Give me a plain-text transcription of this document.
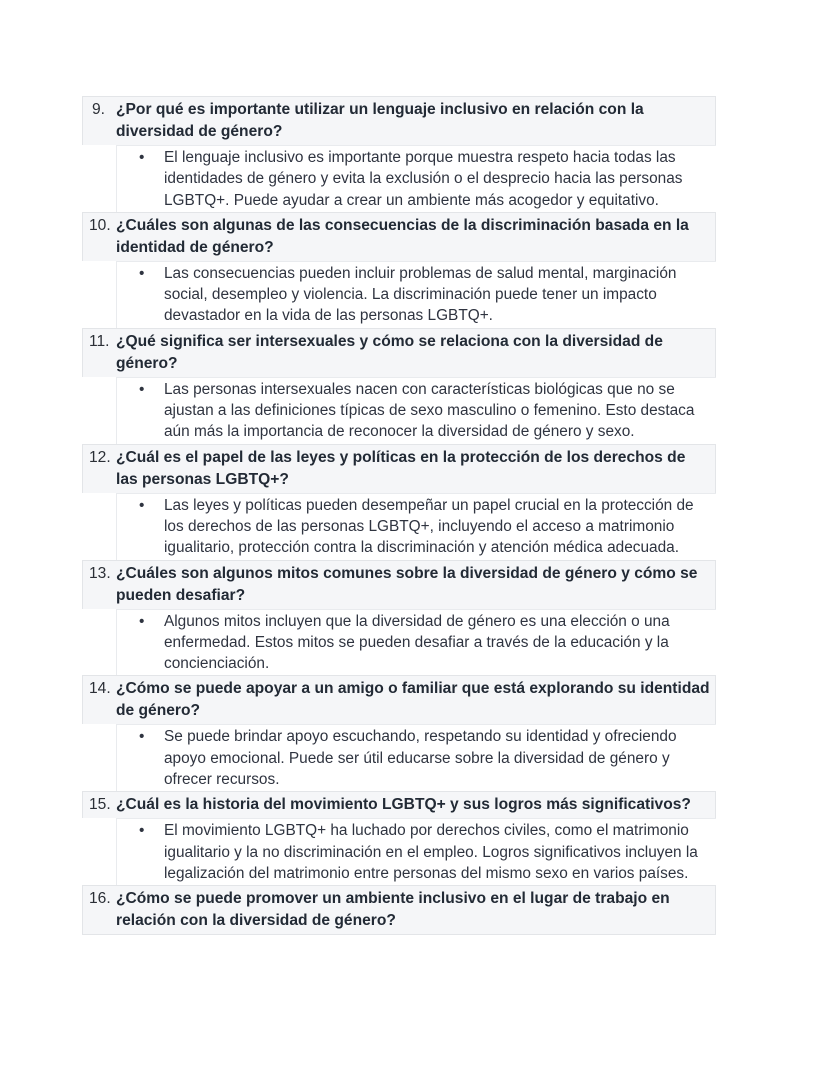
9. ¿Por qué es importante utilizar un lenguaje inclusivo en relación con la diversidad de género?
• El lenguaje inclusivo es importante porque muestra respeto hacia todas las identidades de género y evita la exclusión o el desprecio hacia las personas LGBTQ+. Puede ayudar a crear un ambiente más acogedor y equitativo.
10. ¿Cuáles son algunas de las consecuencias de la discriminación basada en la identidad de género?
• Las consecuencias pueden incluir problemas de salud mental, marginación social, desempleo y violencia. La discriminación puede tener un impacto devastador en la vida de las personas LGBTQ+.
11. ¿Qué significa ser intersexuales y cómo se relaciona con la diversidad de género?
• Las personas intersexuales nacen con características biológicas que no se ajustan a las definiciones típicas de sexo masculino o femenino. Esto destaca aún más la importancia de reconocer la diversidad de género y sexo.
12. ¿Cuál es el papel de las leyes y políticas en la protección de los derechos de las personas LGBTQ+?
• Las leyes y políticas pueden desempeñar un papel crucial en la protección de los derechos de las personas LGBTQ+, incluyendo el acceso a matrimonio igualitario, protección contra la discriminación y atención médica adecuada.
13. ¿Cuáles son algunos mitos comunes sobre la diversidad de género y cómo se pueden desafiar?
• Algunos mitos incluyen que la diversidad de género es una elección o una enfermedad. Estos mitos se pueden desafiar a través de la educación y la concienciación.
14. ¿Cómo se puede apoyar a un amigo o familiar que está explorando su identidad de género?
• Se puede brindar apoyo escuchando, respetando su identidad y ofreciendo apoyo emocional. Puede ser útil educarse sobre la diversidad de género y ofrecer recursos.
15. ¿Cuál es la historia del movimiento LGBTQ+ y sus logros más significativos?
• El movimiento LGBTQ+ ha luchado por derechos civiles, como el matrimonio igualitario y la no discriminación en el empleo. Logros significativos incluyen la legalización del matrimonio entre personas del mismo sexo en varios países.
16. ¿Cómo se puede promover un ambiente inclusivo en el lugar de trabajo en relación con la diversidad de género?
